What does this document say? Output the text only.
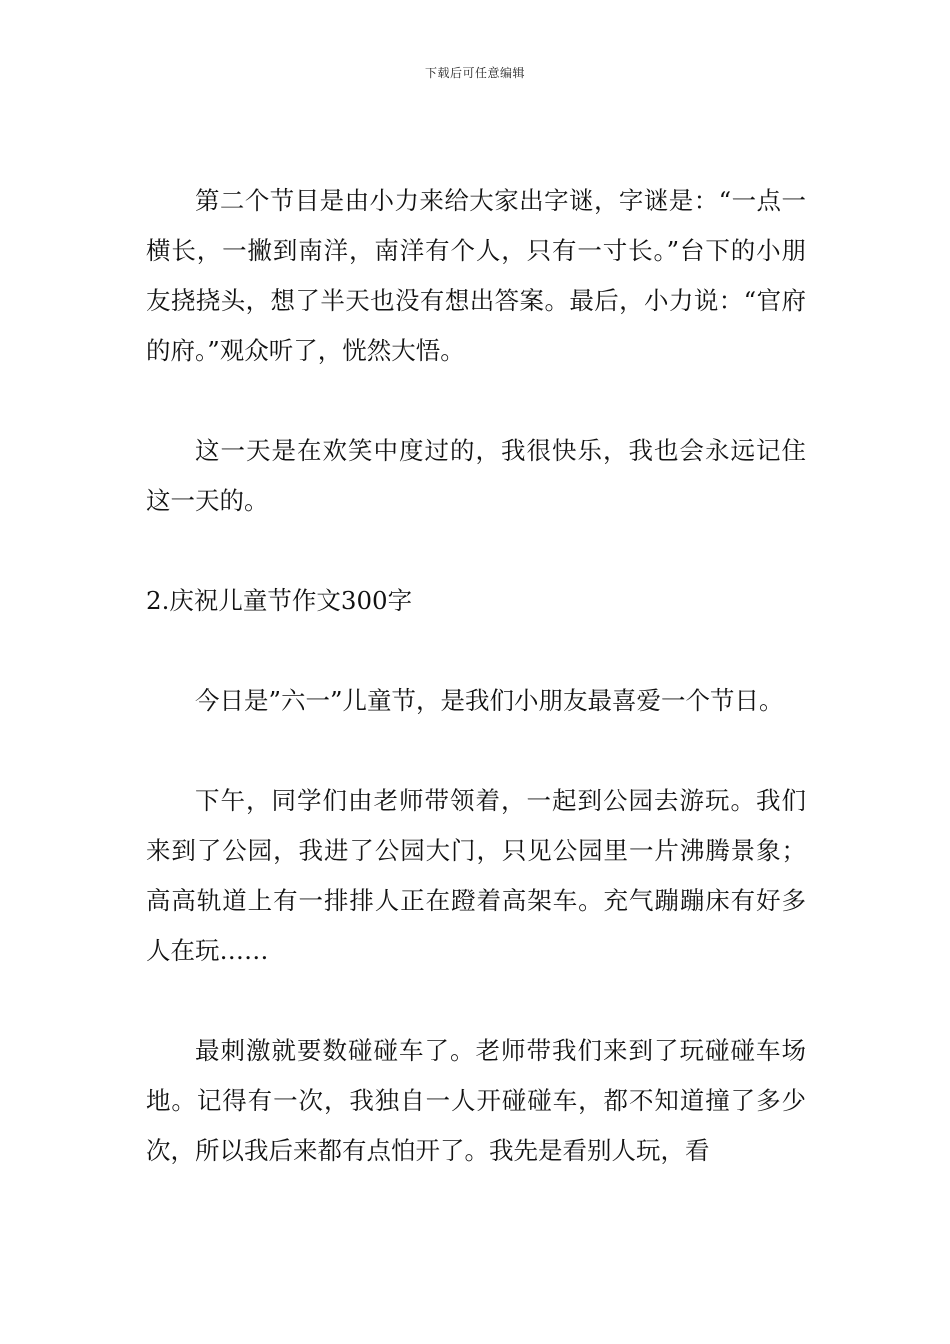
下载后可任意编辑

第二个节目是由小力来给大家出字谜，字谜是：“一点一横长，一撇到南洋，南洋有个人，只有一寸长。”台下的小朋友挠挠头，想了半天也没有想出答案。最后，小力说：“官府的府。”观众听了，恍然大悟。

这一天是在欢笑中度过的，我很快乐，我也会永远记住这一天的。

2.庆祝儿童节作文300字

今日是”六一”儿童节，是我们小朋友最喜爱一个节日。

下午，同学们由老师带领着，一起到公园去游玩。我们来到了公园，我进了公园大门，只见公园里一片沸腾景象；高高轨道上有一排排人正在蹬着高架车。充气蹦蹦床有好多人在玩……

最刺激就要数碰碰车了。老师带我们来到了玩碰碰车场地。记得有一次，我独自一人开碰碰车，都不知道撞了多少次，所以我后来都有点怕开了。我先是看别人玩，看
